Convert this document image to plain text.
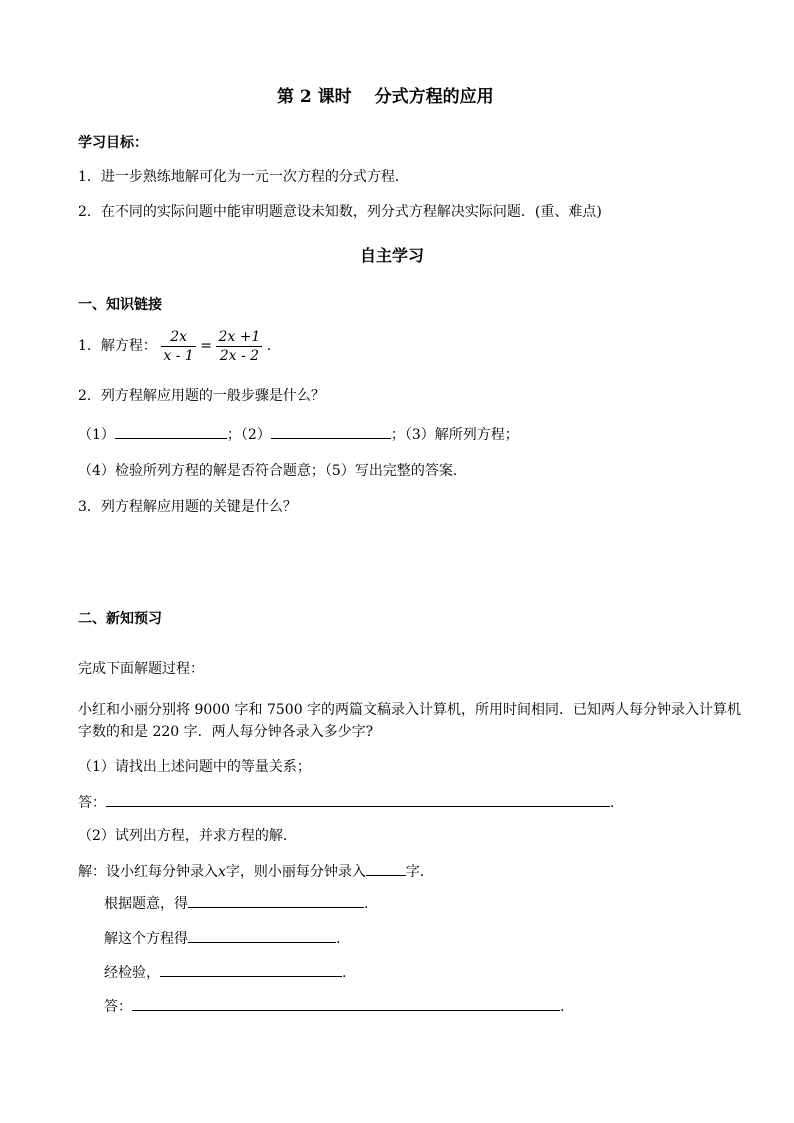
第 2 课时　 分式方程的应用
学习目标：
1．进一步熟练地解可化为一元一次方程的分式方程．
2．在不同的实际问题中能审明题意设未知数，列分式方程解决实际问题．(重、难点)
自主学习
一、知识链接
1．解方程： $\frac{2x}{x - 1} = \frac{2x +1}{2x - 2}$ .
2．列方程解应用题的一般步骤是什么？
（1）	；（2）	；（3）解所列方程；
（4）检验所列方程的解是否符合题意；（5）写出完整的答案．
3．列方程解应用题的关键是什么？
二、新知预习
完成下面解题过程：
小红和小丽分别将 9000 字和 7500 字的两篇文稿录入计算机，所用时间相同．已知两人每分钟录入计算机
字数的和是 220 字．两人每分钟各录入多少字?
（1）请找出上述问题中的等量关系；
答：	.
（2）试列出方程，并求方程的解．
解：设小红每分钟录入x字，则小丽每分钟录入	字．
根据题意，得	.
解这个方程得	.
经检验，	.
答：	.
